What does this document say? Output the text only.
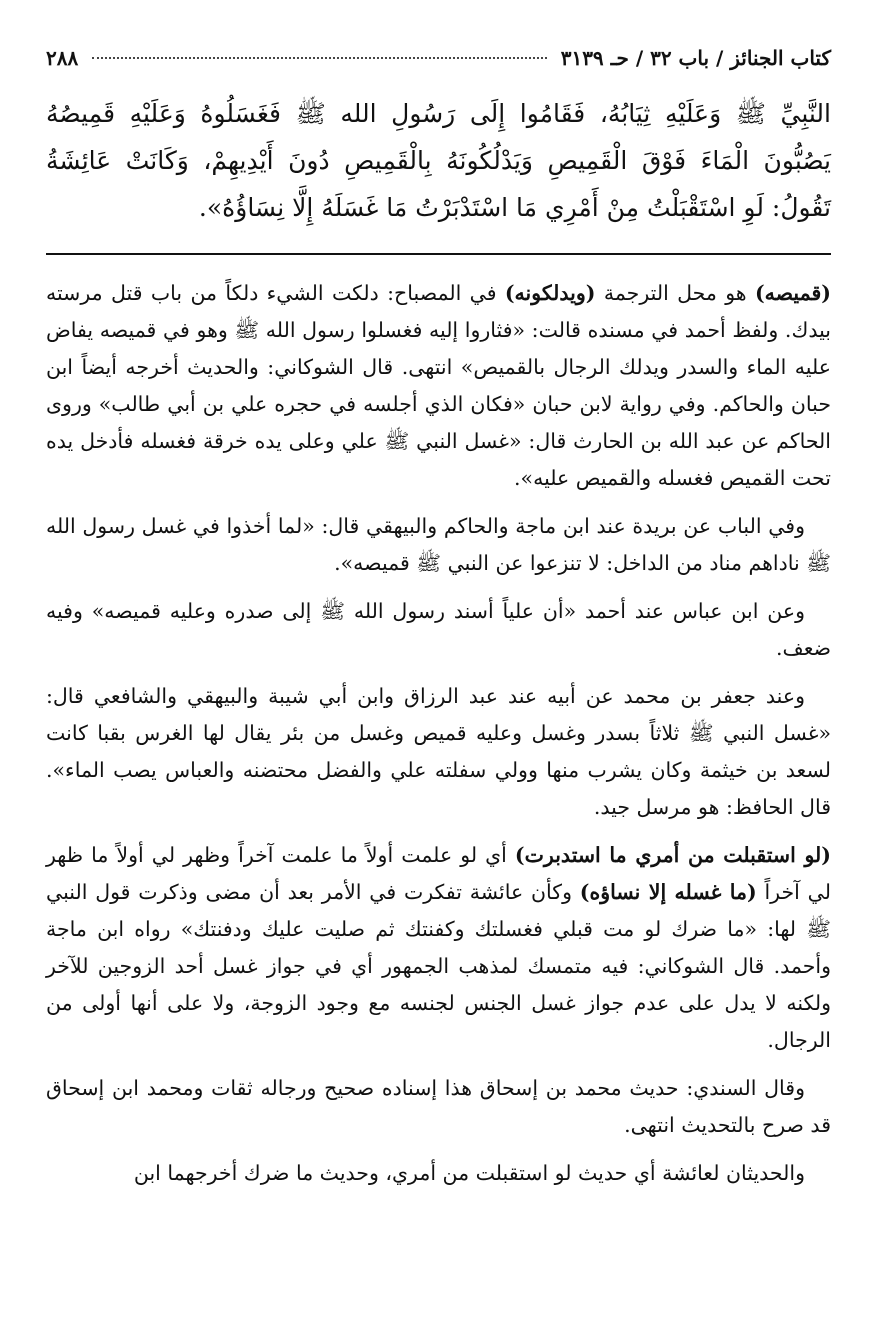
كتاب الجنائز / باب ٣٢ / حـ ٣١٣٩
٢٨٨

النَّبِيِّ ﷺ وَعَلَيْهِ ثِيَابُهُ، فَقَامُوا إِلَى رَسُولِ الله ﷺ فَغَسَلُوهُ وَعَلَيْهِ قَمِيصُهُ يَصُبُّونَ الْمَاءَ فَوْقَ الْقَمِيصِ وَيَدْلُكُونَهُ بِالْقَمِيصِ دُونَ أَيْدِيهِمْ، وَكَانَتْ عَائِشَةُ تَقُولُ: لَوِ اسْتَقْبَلْتُ مِنْ أَمْرِي مَا اسْتَدْبَرْتُ مَا غَسَلَهُ إِلَّا نِسَاؤُهُ».

(قميصه) هو محل الترجمة (ويدلكونه) في المصباح: دلكت الشيء دلكاً من باب قتل مرسته بيدك. ولفظ أحمد في مسنده قالت: «فثاروا إليه فغسلوا رسول الله ﷺ وهو في قميصه يفاض عليه الماء والسدر ويدلك الرجال بالقميص» انتهى. قال الشوكاني: والحديث أخرجه أيضاً ابن حبان والحاكم. وفي رواية لابن حبان «فكان الذي أجلسه في حجره علي بن أبي طالب» وروى الحاكم عن عبد الله بن الحارث قال: «غسل النبي ﷺ علي وعلى يده خرقة فغسله فأدخل يده تحت القميص فغسله والقميص عليه».

وفي الباب عن بريدة عند ابن ماجة والحاكم والبيهقي قال: «لما أخذوا في غسل رسول الله ﷺ ناداهم مناد من الداخل: لا تنزعوا عن النبي ﷺ قميصه».

وعن ابن عباس عند أحمد «أن علياً أسند رسول الله ﷺ إلى صدره وعليه قميصه» وفيه ضعف.

وعند جعفر بن محمد عن أبيه عند عبد الرزاق وابن أبي شيبة والبيهقي والشافعي قال: «غسل النبي ﷺ ثلاثاً بسدر وغسل وعليه قميص وغسل من بئر يقال لها الغرس بقبا كانت لسعد بن خيثمة وكان يشرب منها وولي سفلته علي والفضل محتضنه والعباس يصب الماء». قال الحافظ: هو مرسل جيد.

(لو استقبلت من أمري ما استدبرت) أي لو علمت أولاً ما علمت آخراً وظهر لي أولاً ما ظهر لي آخراً (ما غسله إلا نساؤه) وكأن عائشة تفكرت في الأمر بعد أن مضى وذكرت قول النبي ﷺ لها: «ما ضرك لو مت قبلي فغسلتك وكفنتك ثم صليت عليك ودفنتك» رواه ابن ماجة وأحمد. قال الشوكاني: فيه متمسك لمذهب الجمهور أي في جواز غسل أحد الزوجين للآخر ولكنه لا يدل على عدم جواز غسل الجنس لجنسه مع وجود الزوجة، ولا على أنها أولى من الرجال.

وقال السندي: حديث محمد بن إسحاق هذا إسناده صحيح ورجاله ثقات ومحمد ابن إسحاق قد صرح بالتحديث انتهى.

والحديثان لعائشة أي حديث لو استقبلت من أمري، وحديث ما ضرك أخرجهما ابن
